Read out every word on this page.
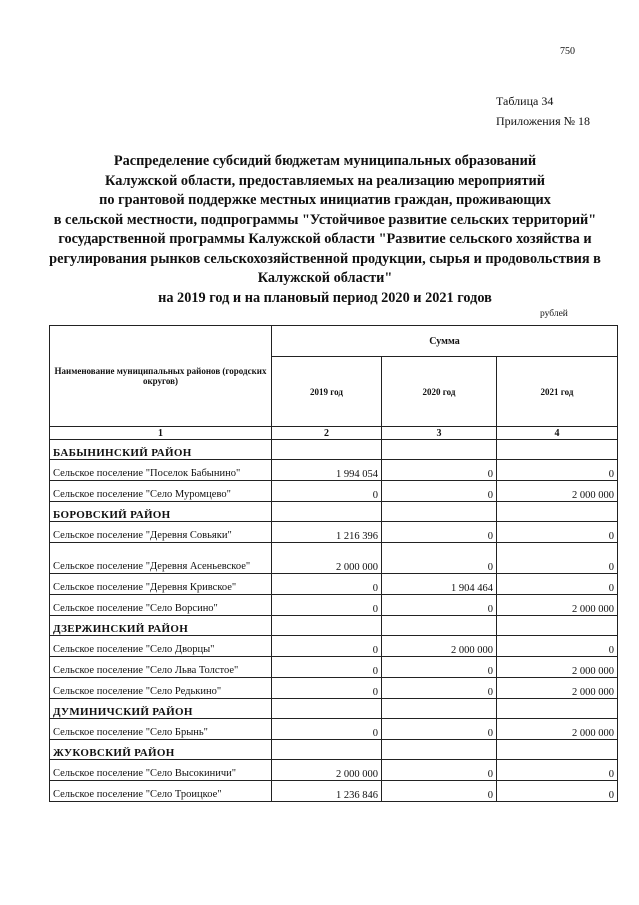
750
Таблица 34
Приложения № 18
Распределение субсидий бюджетам муниципальных образований
Калужской области, предоставляемых на реализацию мероприятий
по грантовой поддержке местных инициатив граждан, проживающих
в сельской местности, подпрограммы "Устойчивое развитие сельских территорий"
государственной программы Калужской области "Развитие сельского хозяйства и
регулирования рынков сельскохозяйственной продукции, сырья и продовольствия в
Калужской области"
на 2019 год и на плановый период 2020 и 2021 годов
рублей
Наименование муниципальных районов (городских округов)	Сумма		
	2019 год	2020 год	2021 год
1	2	3	4
БАБЫНИНСКИЙ РАЙОН			
Сельское поселение "Поселок Бабынино"	1 994 054	0	0
Сельское поселение "Село Муромцево"	0	0	2 000 000
БОРОВСКИЙ РАЙОН			
Сельское поселение "Деревня Совьяки"	1 216 396	0	0
Сельское поселение "Деревня Асеньевское"	2 000 000	0	0
Сельское поселение "Деревня Кривское"	0	1 904 464	0
Сельское поселение "Село Ворсино"	0	0	2 000 000
ДЗЕРЖИНСКИЙ РАЙОН			
Сельское поселение "Село Дворцы"	0	2 000 000	0
Сельское поселение "Село Льва Толстое"	0	0	2 000 000
Сельское поселение "Село Редькино"	0	0	2 000 000
ДУМИНИЧСКИЙ РАЙОН			
Сельское поселение "Село Брынь"	0	0	2 000 000
ЖУКОВСКИЙ РАЙОН			
Сельское поселение "Село Высокиничи"	2 000 000	0	0
Сельское поселение "Село Троицкое"	1 236 846	0	0
